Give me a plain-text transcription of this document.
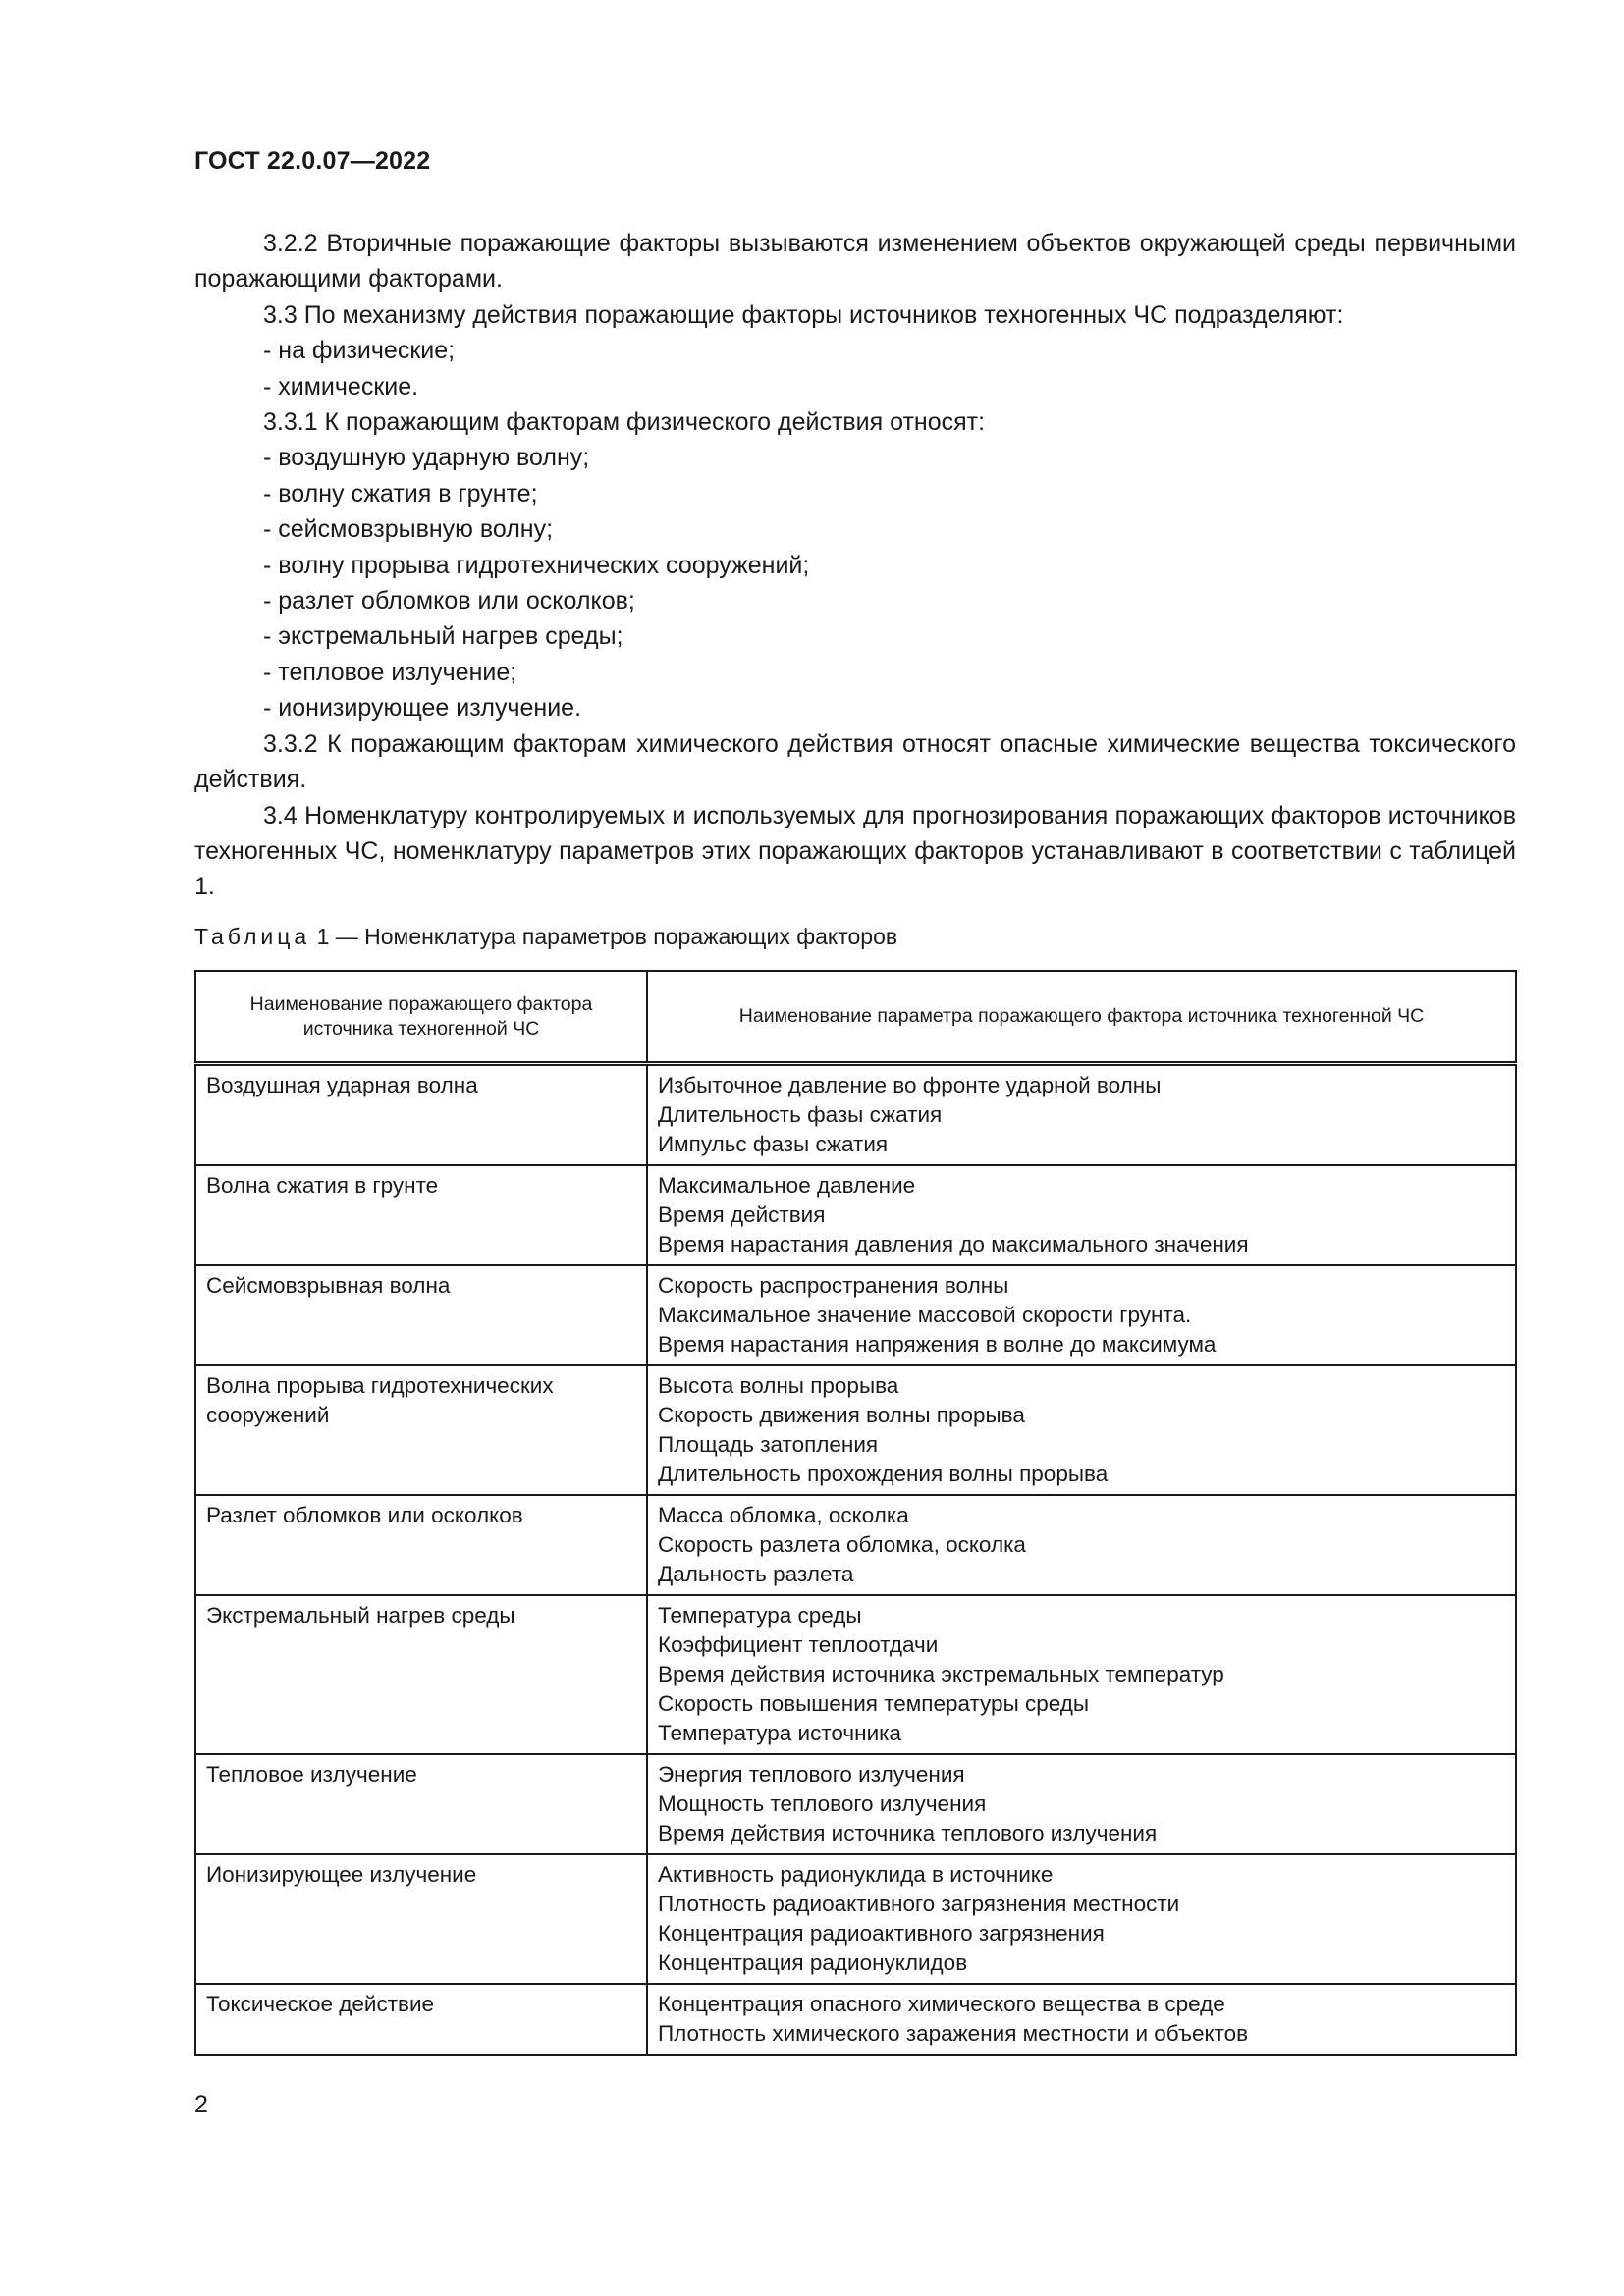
ГОСТ 22.0.07—2022

3.2.2 Вторичные поражающие факторы вызываются изменением объектов окружающей среды первичными поражающими факторами.

3.3 По механизму действия поражающие факторы источников техногенных ЧС подразделяют:

- на физические;

- химические.

3.3.1 К поражающим факторам физического действия относят:

- воздушную ударную волну;

- волну сжатия в грунте;

- сейсмовзрывную волну;

- волну прорыва гидротехнических сооружений;

- разлет обломков или осколков;

- экстремальный нагрев среды;

- тепловое излучение;

- ионизирующее излучение.

3.3.2 К поражающим факторам химического действия относят опасные химические вещества токсического действия.

3.4 Номенклатуру контролируемых и используемых для прогнозирования поражающих факторов источников техногенных ЧС, номенклатуру параметров этих поражающих факторов устанавливают в соответствии с таблицей 1.

Таблица 1 — Номенклатура параметров поражающих факторов
Наименование поражающего фактора источника техногенной ЧС	Наименование параметра поражающего фактора источника техногенной ЧС
Воздушная ударная волна	Избыточное давление во фронте ударной волны
Длительность фазы сжатия
Импульс фазы сжатия

Волна сжатия в грунте	Максимальное давление
Время действия
Время нарастания давления до максимального значения

Сейсмовзрывная волна	Скорость распространения волны
Максимальное значение массовой скорости грунта.
Время нарастания напряжения в волне до максимума

Волна прорыва гидротехнических сооружений	Высота волны прорыва
Скорость движения волны прорыва
Площадь затопления
Длительность прохождения волны прорыва

Разлет обломков или осколков	Масса обломка, осколка
Скорость разлета обломка, осколка
Дальность разлета

Экстремальный нагрев среды	Температура среды
Коэффициент теплоотдачи
Время действия источника экстремальных температур
Скорость повышения температуры среды
Температура источника

Тепловое излучение	Энергия теплового излучения
Мощность теплового излучения
Время действия источника теплового излучения

Ионизирующее излучение	Активность радионуклида в источнике
Плотность радиоактивного загрязнения местности
Концентрация радиоактивного загрязнения
Концентрация радионуклидов

Токсическое действие	Концентрация опасного химического вещества в среде
Плотность химического заражения местности и объектов
2
